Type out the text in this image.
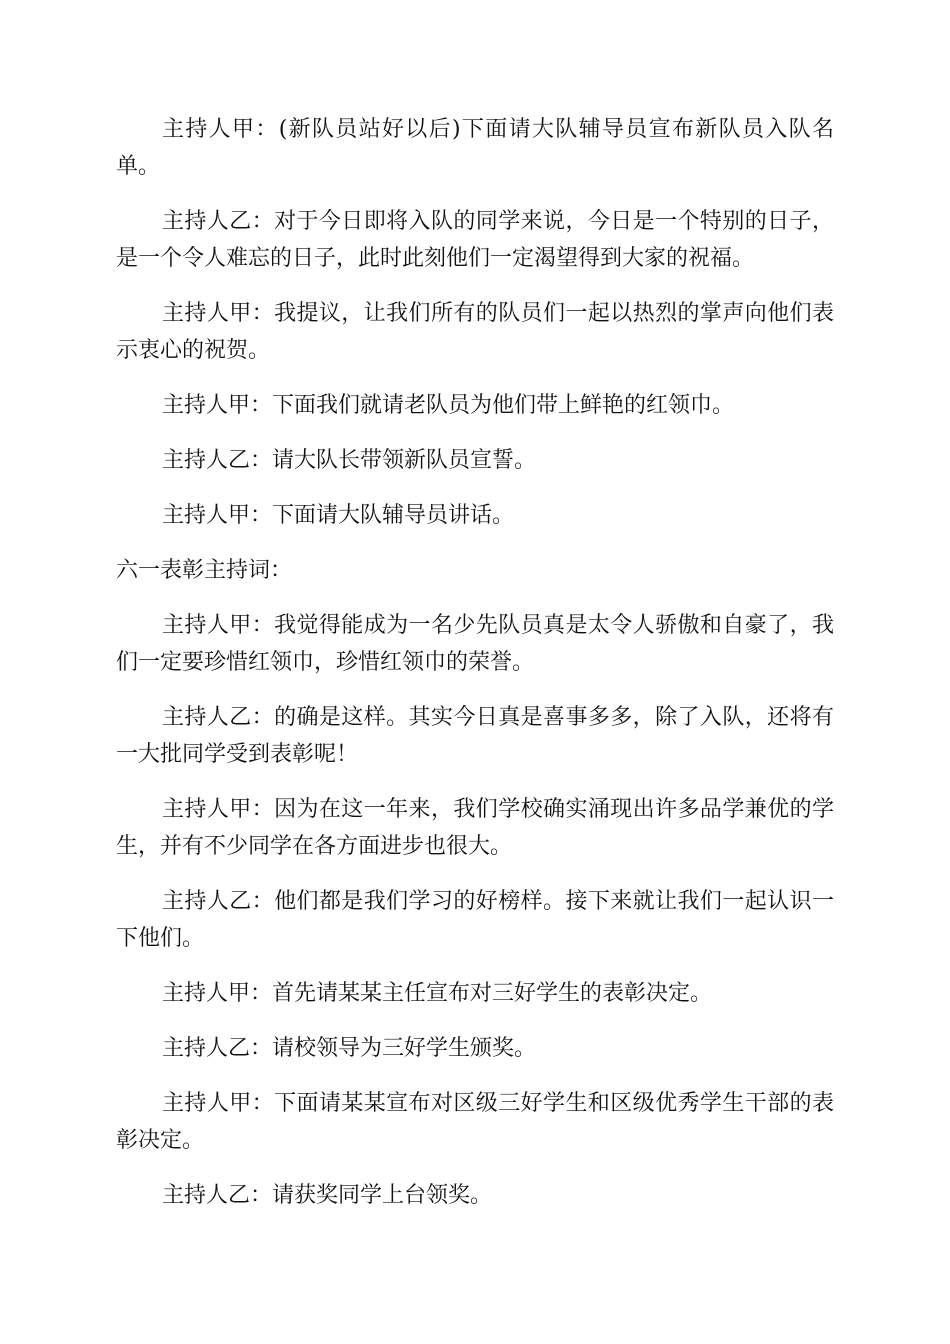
主持人甲：(新队员站好以后)下面请大队辅导员宣布新队员入队名单。

主持人乙：对于今日即将入队的同学来说，今日是一个特别的日子，是一个令人难忘的日子，此时此刻他们一定渴望得到大家的祝福。

主持人甲：我提议，让我们所有的队员们一起以热烈的掌声向他们表示衷心的祝贺。

主持人甲：下面我们就请老队员为他们带上鲜艳的红领巾。

主持人乙：请大队长带领新队员宣誓。

主持人甲：下面请大队辅导员讲话。

六一表彰主持词：

主持人甲：我觉得能成为一名少先队员真是太令人骄傲和自豪了，我们一定要珍惜红领巾，珍惜红领巾的荣誉。

主持人乙：的确是这样。其实今日真是喜事多多，除了入队，还将有一大批同学受到表彰呢！

主持人甲：因为在这一年来，我们学校确实涌现出许多品学兼优的学生，并有不少同学在各方面进步也很大。

主持人乙：他们都是我们学习的好榜样。接下来就让我们一起认识一下他们。

主持人甲：首先请某某主任宣布对三好学生的表彰决定。

主持人乙：请校领导为三好学生颁奖。

主持人甲：下面请某某宣布对区级三好学生和区级优秀学生干部的表彰决定。

主持人乙：请获奖同学上台领奖。
